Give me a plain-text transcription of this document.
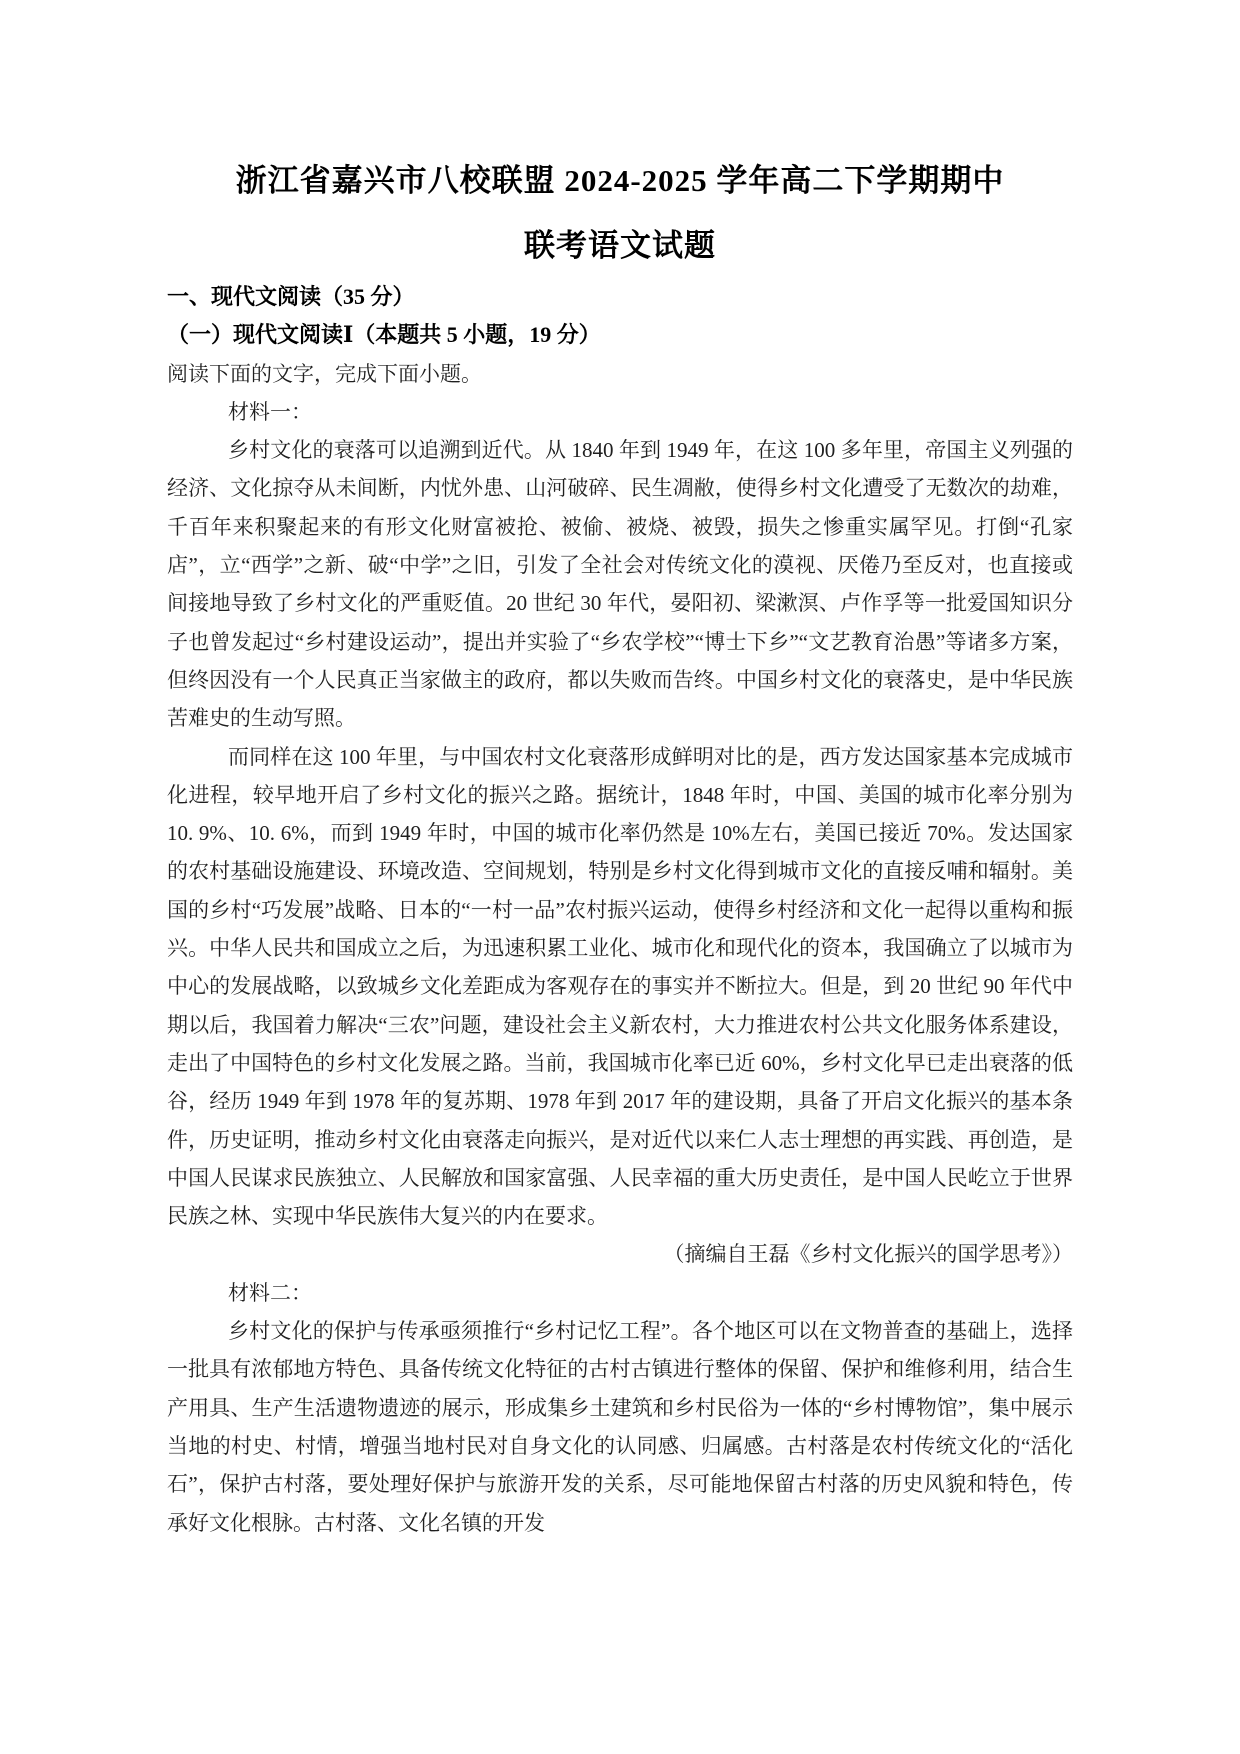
浙江省嘉兴市八校联盟 2024-2025 学年高二下学期期中
联考语文试题
一、现代文阅读（35 分）
（一）现代文阅读Ⅰ（本题共 5 小题，19 分）

阅读下面的文字，完成下面小题。

材料一：

乡村文化的衰落可以追溯到近代。从 1840 年到 1949 年，在这 100 多年里，帝国主义列强的经济、文化掠夺从未间断，内忧外患、山河破碎、民生凋敝，使得乡村文化遭受了无数次的劫难，千百年来积聚起来的有形文化财富被抢、被偷、被烧、被毁，损失之惨重实属罕见。打倒“孔家店”，立“西学”之新、破“中学”之旧，引发了全社会对传统文化的漠视、厌倦乃至反对，也直接或间接地导致了乡村文化的严重贬值。20 世纪 30 年代，晏阳初、梁漱溟、卢作孚等一批爱国知识分子也曾发起过“乡村建设运动”，提出并实验了“乡农学校”“博士下乡”“文艺教育治愚”等诸多方案，但终因没有一个人民真正当家做主的政府，都以失败而告终。中国乡村文化的衰落史，是中华民族苦难史的生动写照。

而同样在这 100 年里，与中国农村文化衰落形成鲜明对比的是，西方发达国家基本完成城市化进程，较早地开启了乡村文化的振兴之路。据统计，1848 年时，中国、美国的城市化率分别为 10. 9%、10. 6%，而到 1949 年时，中国的城市化率仍然是 10%左右，美国已接近 70%。发达国家的农村基础设施建设、环境改造、空间规划，特别是乡村文化得到城市文化的直接反哺和辐射。美国的乡村“巧发展”战略、日本的“一村一品”农村振兴运动，使得乡村经济和文化一起得以重构和振兴。中华人民共和国成立之后，为迅速积累工业化、城市化和现代化的资本，我国确立了以城市为中心的发展战略，以致城乡文化差距成为客观存在的事实并不断拉大。但是，到 20 世纪 90 年代中期以后，我国着力解决“三农”问题，建设社会主义新农村，大力推进农村公共文化服务体系建设，走出了中国特色的乡村文化发展之路。当前，我国城市化率已近 60%，乡村文化早已走出衰落的低谷，经历 1949 年到 1978 年的复苏期、1978 年到 2017 年的建设期，具备了开启文化振兴的基本条件，历史证明，推动乡村文化由衰落走向振兴，是对近代以来仁人志士理想的再实践、再创造，是中国人民谋求民族独立、人民解放和国家富强、人民幸福的重大历史责任，是中国人民屹立于世界民族之林、实现中华民族伟大复兴的内在要求。

（摘编自王磊《乡村文化振兴的国学思考》）

材料二：

乡村文化的保护与传承亟须推行“乡村记忆工程”。各个地区可以在文物普查的基础上，选择一批具有浓郁地方特色、具备传统文化特征的古村古镇进行整体的保留、保护和维修利用，结合生产用具、生产生活遗物遗迹的展示，形成集乡土建筑和乡村民俗为一体的“乡村博物馆”，集中展示当地的村史、村情，增强当地村民对自身文化的认同感、归属感。古村落是农村传统文化的“活化石”，保护古村落，要处理好保护与旅游开发的关系，尽可能地保留古村落的历史风貌和特色，传承好文化根脉。古村落、文化名镇的开发
